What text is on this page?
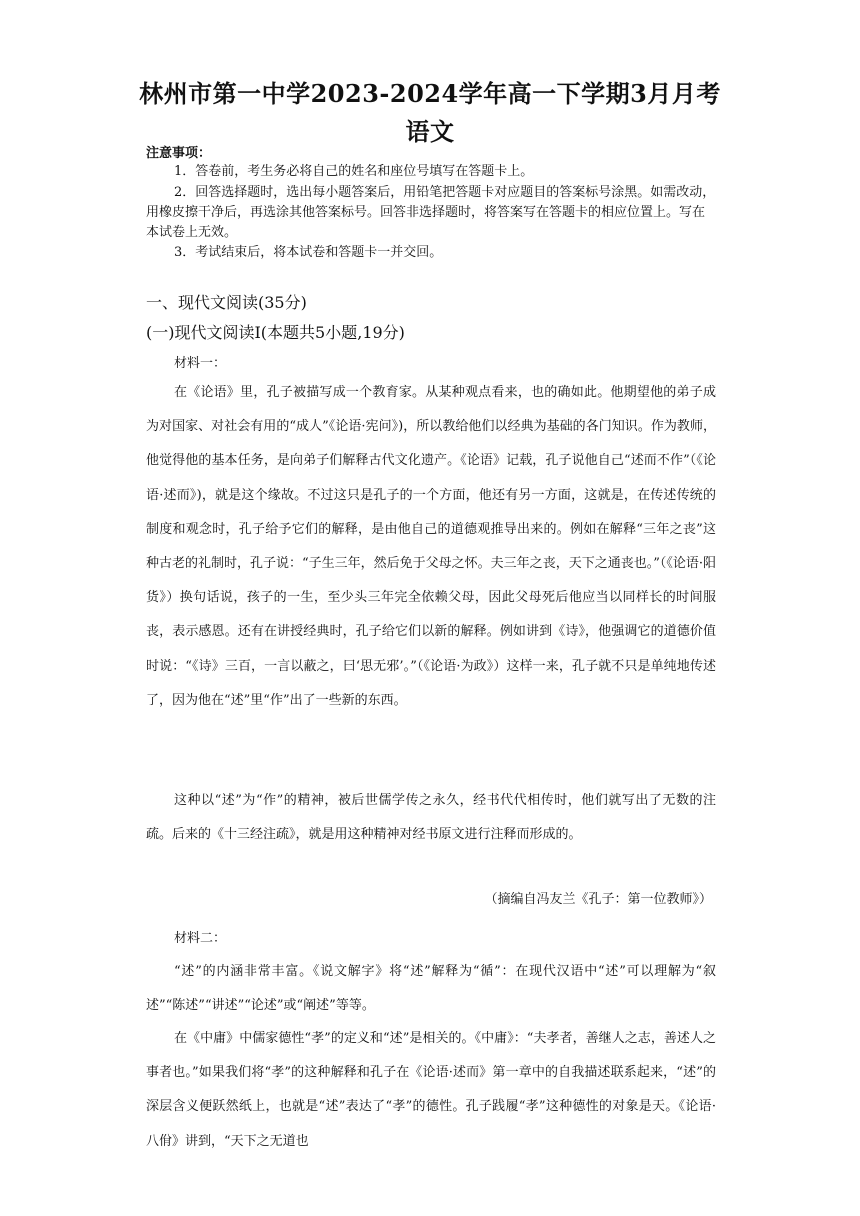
林州市第一中学2023-2024学年高一下学期3月月考
语文
注意事项：
1．答卷前，考生务必将自己的姓名和座位号填写在答题卡上。
2．回答选择题时，选出每小题答案后，用铅笔把答题卡对应题目的答案标号涂黑。如需改动，用橡皮擦干净后，再选涂其他答案标号。回答非选择题时，将答案写在答题卡的相应位置上。写在本试卷上无效。
3．考试结束后，将本试卷和答题卡一并交回。
一、现代文阅读(35分)
(一)现代文阅读Ⅰ(本题共5小题,19分)
材料一：
在《论语》里，孔子被描写成一个教育家。从某种观点看来，也的确如此。他期望他的弟子成为对国家、对社会有用的“成人”《论语·宪问》)，所以教给他们以经典为基础的各门知识。作为教师，他觉得他的基本任务，是向弟子们解释古代文化遗产。《论语》记载，孔子说他自己“述而不作”（《论语·述而》)，就是这个缘故。不过这只是孔子的一个方面，他还有另一方面，这就是，在传述传统的制度和观念时，孔子给予它们的解释，是由他自己的道德观推导出来的。例如在解释“三年之丧”这种古老的礼制时，孔子说：“子生三年，然后免于父母之怀。夫三年之丧，天下之通丧也。”（《论语·阳货》）换句话说，孩子的一生，至少头三年完全依赖父母，因此父母死后他应当以同样长的时间服丧，表示感恩。还有在讲授经典时，孔子给它们以新的解释。例如讲到《诗》，他强调它的道德价值时说：“《诗》三百，一言以蔽之，曰‘思无邪’。”（《论语·为政》）这样一来，孔子就不只是单纯地传述了，因为他在“述”里“作”出了一些新的东西。
这种以“述”为“作”的精神，被后世儒学传之永久，经书代代相传时，他们就写出了无数的注疏。后来的《十三经注疏》，就是用这种精神对经书原文进行注释而形成的。
（摘编自冯友兰《孔子：第一位教师》）
材料二：
“述”的内涵非常丰富。《说文解字》将“述”解释为“循”：在现代汉语中“述”可以理解为“叙述”“陈述”“讲述”“论述”或“阐述”等等。
在《中庸》中儒家德性“孝”的定义和“述”是相关的。《中庸》：“夫孝者，善继人之志，善述人之事者也。”如果我们将“孝”的这种解释和孔子在《论语·述而》第一章中的自我描述联系起来，“述”的深层含义便跃然纸上，也就是“述”表达了“孝”的德性。孔子践履“孝”这种德性的对象是天。《论语·八佾》讲到，“天下之无道也
